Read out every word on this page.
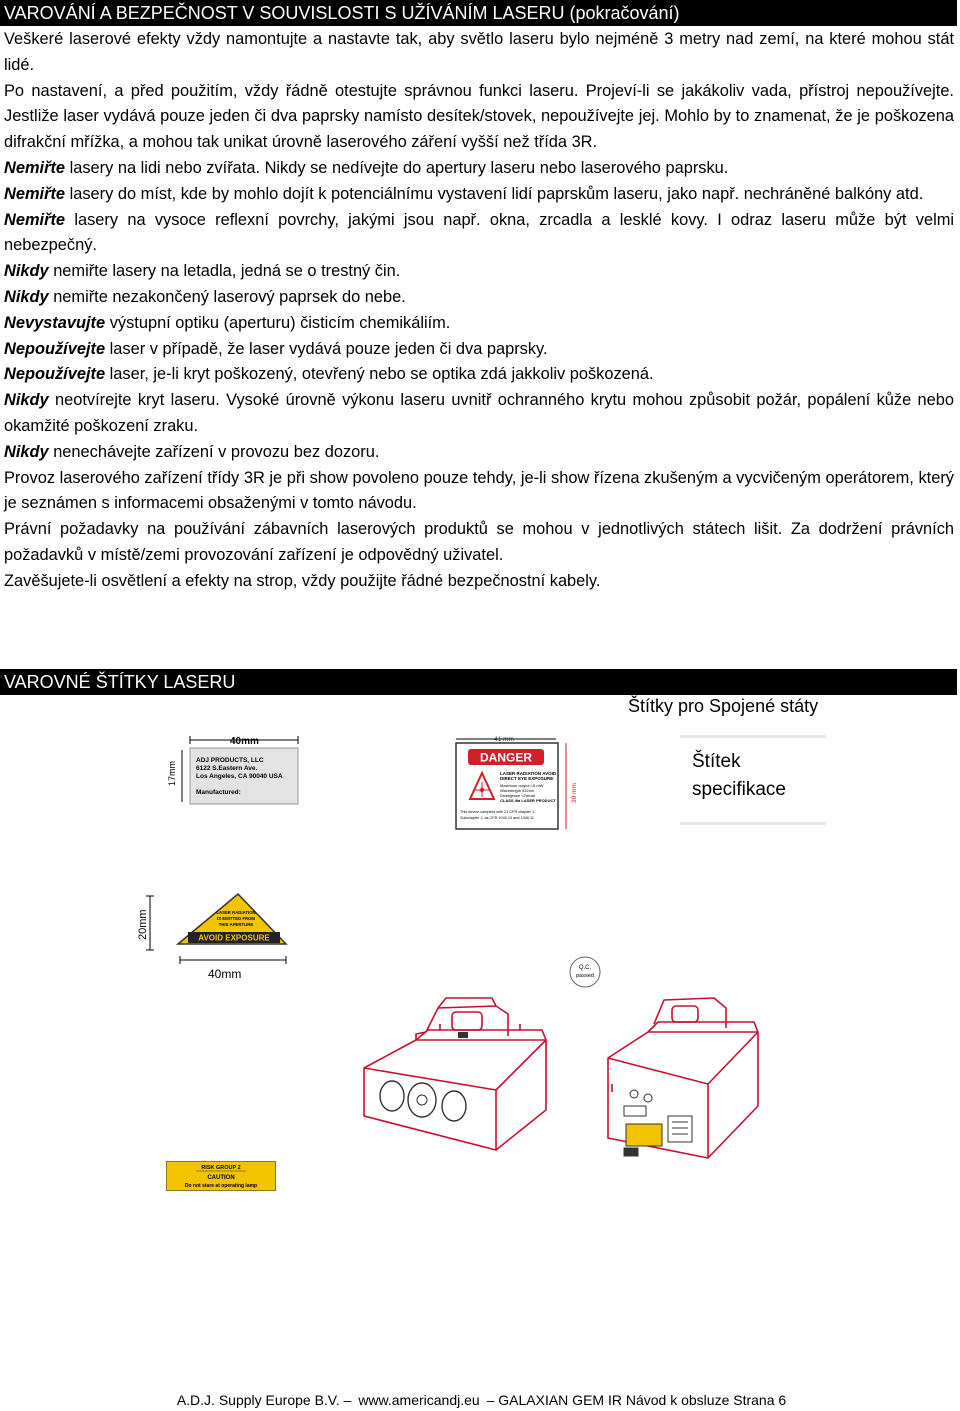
VAROVÁNÍ A BEZPEČNOST V SOUVISLOSTI S UŽÍVÁNÍM LASERU (pokračování)

Veškeré laserové efekty vždy namontujte a nastavte tak, aby světlo laseru bylo nejméně 3 metry nad zemí, na které mohou stát lidé.

Po nastavení, a před použitím, vždy řádně otestujte správnou funkci laseru. Projeví-li se jakákoliv vada, přístroj nepoužívejte. Jestliže laser vydává pouze jeden či dva paprsky namísto desítek/stovek, nepoužívejte jej. Mohlo by to znamenat, že je poškozena difrakční mřížka, a mohou tak unikat úrovně laserového záření vyšší než třída 3R.

Nemiřte lasery na lidi nebo zvířata. Nikdy se nedívejte do apertury laseru nebo laserového paprsku.

Nemiřte lasery do míst, kde by mohlo dojít k potenciálnímu vystavení lidí paprskům laseru, jako např. nechráněné balkóny atd.

Nemiřte lasery na vysoce reflexní povrchy, jakými jsou např. okna, zrcadla a lesklé kovy. I odraz laseru může být velmi nebezpečný.

Nikdy nemiřte lasery na letadla, jedná se o trestný čin.

Nikdy nemiřte nezakončený laserový paprsek do nebe.

Nevystavujte výstupní optiku (aperturu) čisticím chemikáliím.

Nepoužívejte laser v případě, že laser vydává pouze jeden či dva paprsky.

Nepoužívejte laser, je-li kryt poškozený, otevřený nebo se optika zdá jakkoliv poškozená.

Nikdy neotvírejte kryt laseru. Vysoké úrovně výkonu laseru uvnitř ochranného krytu mohou způsobit požár, popálení kůže nebo okamžité poškození zraku.

Nikdy nenechávejte zařízení v provozu bez dozoru.

Provoz laserového zařízení třídy 3R je při show povoleno pouze tehdy, je-li show řízena zkušeným a vycvičeným operátorem, který je seznámen s informacemi obsaženými v tomto návodu.

Právní požadavky na používání zábavních laserových produktů se mohou v jednotlivých státech lišit. Za dodržení právních požadavků v místě/zemi provozování zařízení je odpovědný uživatel.

Zavěšujete-li osvětlení a efekty na strop, vždy použijte řádné bezpečnostní kabely.

VAROVNÉ ŠTÍTKY LASERU
Štítky pro Spojené státy
Štítek
specifikace
40mm
17mm
ADJ PRODUCTS, LLC
6122 S.Eastern Ave.
Los Angeles, CA 90040 USA
Manufactured:
41 mm
DANGER
LASER RADIATION AVOID
DIRECT EYE EXPOSURE
Maximum output <5 mW
Wavelength 532nm
Divergence <2mrad
CLASS IIIa LASER PRODUCT
This device complies with 21 CFR chapter 1,
Subchapter J, as CFR 1040.10 and 1040.11
30 mm
20mm	LASER RADIATION
IS EMITTED FROM
THIS APERTURE
AVOID EXPOSURE
40mm	Q.C.
passed
RISK GROUP 2
CAUTION
Do not stare at operating lamp
A.D.J. Supply Europe B.V. – www.americandj.eu – GALAXIAN GEM IR Návod k obsluze Strana 6
